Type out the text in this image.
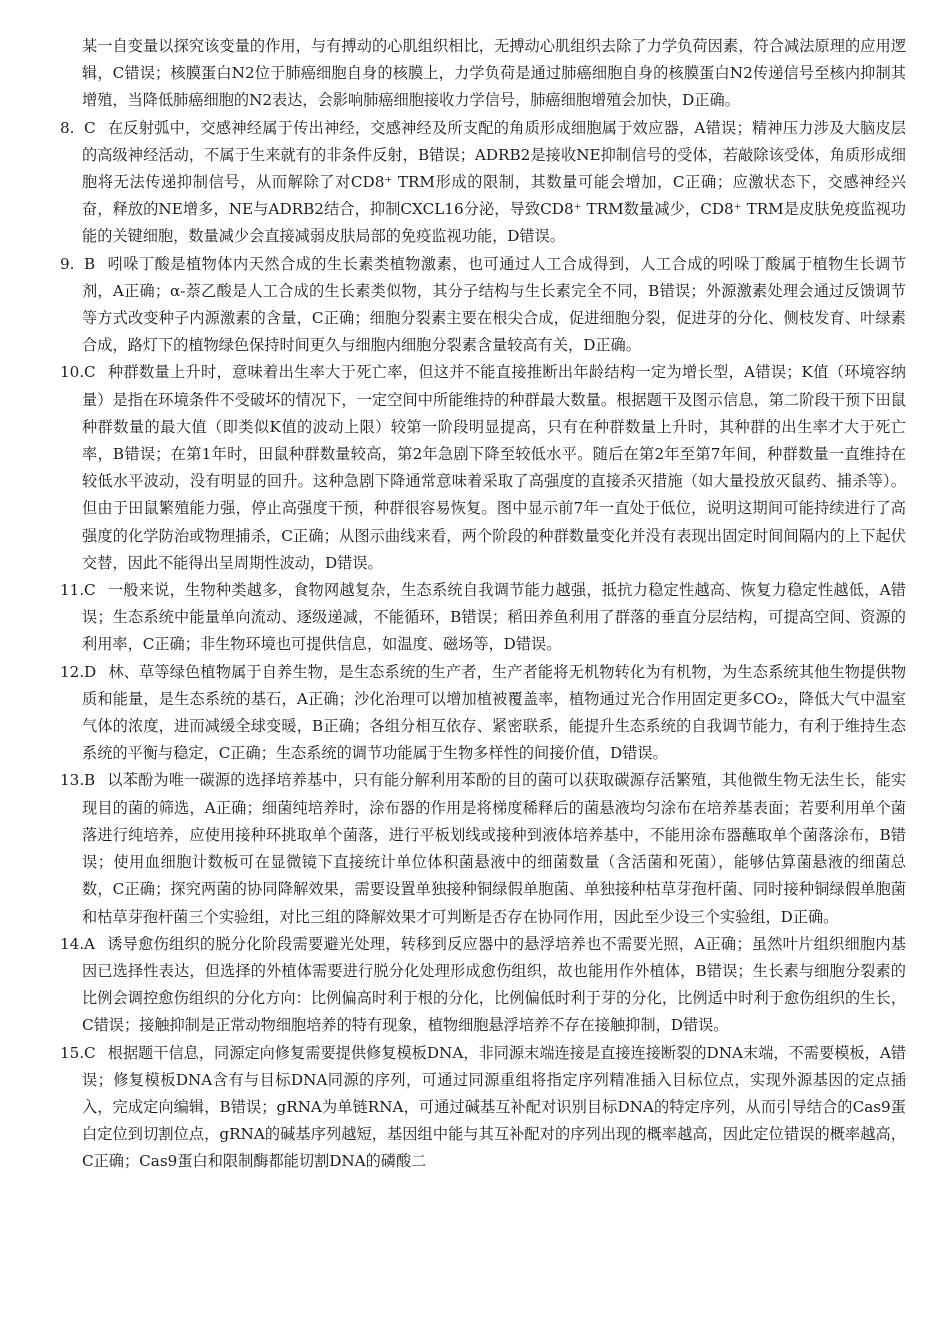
某一自变量以探究该变量的作用，与有搏动的心肌组织相比，无搏动心肌组织去除了力学负荷因素，符合减法原理的应用逻辑，C错误；核膜蛋白N2位于肺癌细胞自身的核膜上，力学负荷是通过肺癌细胞自身的核膜蛋白N2传递信号至核内抑制其增殖，当降低肺癌细胞的N2表达，会影响肺癌细胞接收力学信号，肺癌细胞增殖会加快，D正确。

8. C 在反射弧中，交感神经属于传出神经，交感神经及所支配的角质形成细胞属于效应器，A错误；精神压力涉及大脑皮层的高级神经活动，不属于生来就有的非条件反射，B错误；ADRB2是接收NE抑制信号的受体，若敲除该受体，角质形成细胞将无法传递抑制信号，从而解除了对CD8⁺ TRM形成的限制，其数量可能会增加，C正确；应激状态下，交感神经兴奋，释放的NE增多，NE与ADRB2结合，抑制CXCL16分泌，导致CD8⁺ TRM数量减少，CD8⁺ TRM是皮肤免疫监视功能的关键细胞，数量减少会直接减弱皮肤局部的免疫监视功能，D错误。

9. B 吲哚丁酸是植物体内天然合成的生长素类植物激素，也可通过人工合成得到，人工合成的吲哚丁酸属于植物生长调节剂，A正确；α-萘乙酸是人工合成的生长素类似物，其分子结构与生长素完全不同，B错误；外源激素处理会通过反馈调节等方式改变种子内源激素的含量，C正确；细胞分裂素主要在根尖合成，促进细胞分裂，促进芽的分化、侧枝发育、叶绿素合成，路灯下的植物绿色保持时间更久与细胞内细胞分裂素含量较高有关，D正确。

10. C 种群数量上升时，意味着出生率大于死亡率，但这并不能直接推断出年龄结构一定为增长型，A错误；K值（环境容纳量）是指在环境条件不受破坏的情况下，一定空间中所能维持的种群最大数量。根据题干及图示信息，第二阶段干预下田鼠种群数量的最大值（即类似K值的波动上限）较第一阶段明显提高，只有在种群数量上升时，其种群的出生率才大于死亡率，B错误；在第1年时，田鼠种群数量较高，第2年急剧下降至较低水平。随后在第2年至第7年间，种群数量一直维持在较低水平波动，没有明显的回升。这种急剧下降通常意味着采取了高强度的直接杀灭措施（如大量投放灭鼠药、捕杀等）。但由于田鼠繁殖能力强，停止高强度干预，种群很容易恢复。图中显示前7年一直处于低位，说明这期间可能持续进行了高强度的化学防治或物理捕杀，C正确；从图示曲线来看，两个阶段的种群数量变化并没有表现出固定时间间隔内的上下起伏交替，因此不能得出呈周期性波动，D错误。

11. C 一般来说，生物种类越多，食物网越复杂，生态系统自我调节能力越强，抵抗力稳定性越高、恢复力稳定性越低，A错误；生态系统中能量单向流动、逐级递减，不能循环，B错误；稻田养鱼利用了群落的垂直分层结构，可提高空间、资源的利用率，C正确；非生物环境也可提供信息，如温度、磁场等，D错误。

12. D 林、草等绿色植物属于自养生物，是生态系统的生产者，生产者能将无机物转化为有机物，为生态系统其他生物提供物质和能量，是生态系统的基石，A正确；沙化治理可以增加植被覆盖率，植物通过光合作用固定更多CO₂，降低大气中温室气体的浓度，进而减缓全球变暖，B正确；各组分相互依存、紧密联系，能提升生态系统的自我调节能力，有利于维持生态系统的平衡与稳定，C正确；生态系统的调节功能属于生物多样性的间接价值，D错误。

13. B 以苯酚为唯一碳源的选择培养基中，只有能分解利用苯酚的目的菌可以获取碳源存活繁殖，其他微生物无法生长，能实现目的菌的筛选，A正确；细菌纯培养时，涂布器的作用是将梯度稀释后的菌悬液均匀涂布在培养基表面；若要利用单个菌落进行纯培养，应使用接种环挑取单个菌落，进行平板划线或接种到液体培养基中，不能用涂布器蘸取单个菌落涂布，B错误；使用血细胞计数板可在显微镜下直接统计单位体积菌悬液中的细菌数量（含活菌和死菌），能够估算菌悬液的细菌总数，C正确；探究两菌的协同降解效果，需要设置单独接种铜绿假单胞菌、单独接种枯草芽孢杆菌、同时接种铜绿假单胞菌和枯草芽孢杆菌三个实验组，对比三组的降解效果才可判断是否存在协同作用，因此至少设三个实验组，D正确。

14. A 诱导愈伤组织的脱分化阶段需要避光处理，转移到反应器中的悬浮培养也不需要光照，A正确；虽然叶片组织细胞内基因已选择性表达，但选择的外植体需要进行脱分化处理形成愈伤组织，故也能用作外植体，B错误；生长素与细胞分裂素的比例会调控愈伤组织的分化方向：比例偏高时利于根的分化，比例偏低时利于芽的分化，比例适中时利于愈伤组织的生长，C错误；接触抑制是正常动物细胞培养的特有现象，植物细胞悬浮培养不存在接触抑制，D错误。

15. C 根据题干信息，同源定向修复需要提供修复模板DNA，非同源末端连接是直接连接断裂的DNA末端，不需要模板，A错误；修复模板DNA含有与目标DNA同源的序列，可通过同源重组将指定序列精准插入目标位点，实现外源基因的定点插入，完成定向编辑，B错误；gRNA为单链RNA，可通过碱基互补配对识别目标DNA的特定序列，从而引导结合的Cas9蛋白定位到切割位点，gRNA的碱基序列越短，基因组中能与其互补配对的序列出现的概率越高，因此定位错误的概率越高，C正确；Cas9蛋白和限制酶都能切割DNA的磷酸二
